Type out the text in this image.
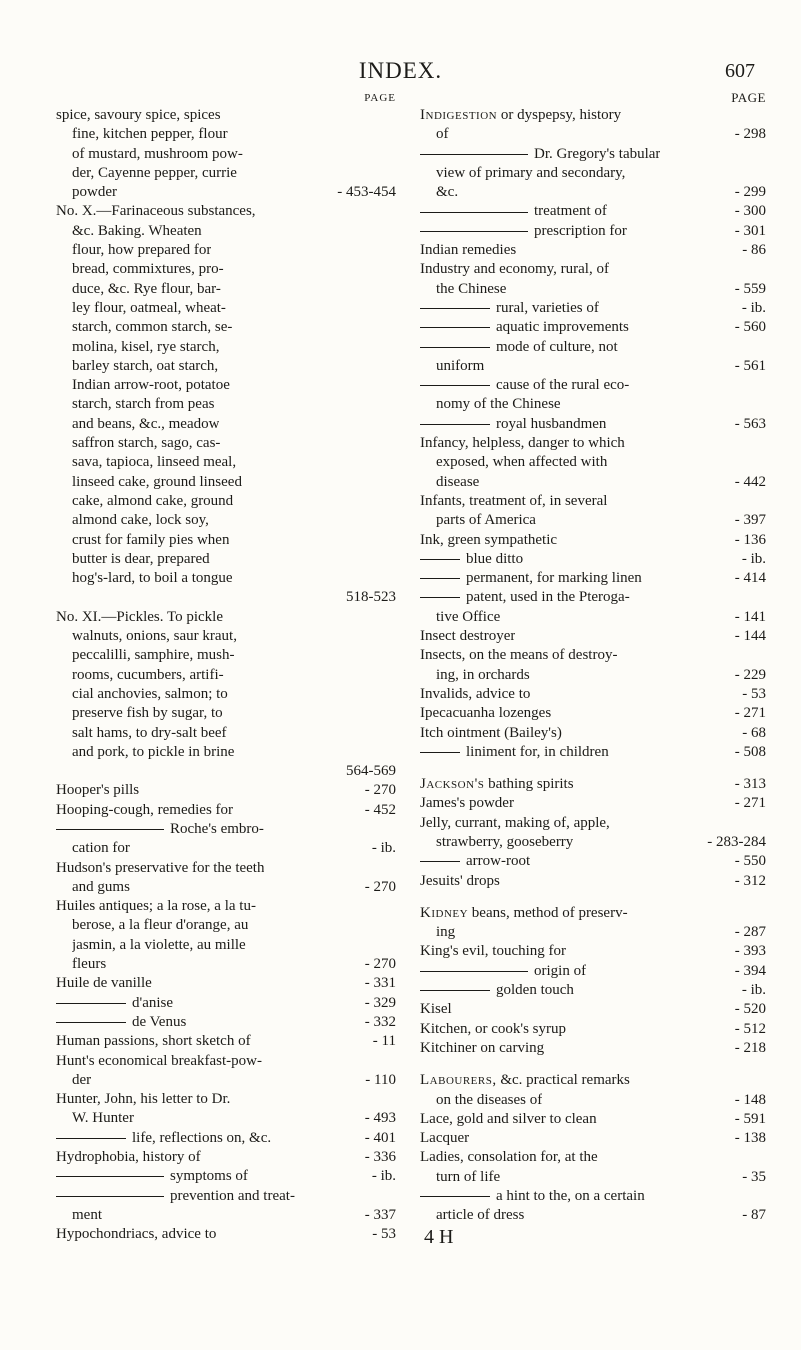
INDEX.	607
PAGE
spice, savoury spice, spices
fine, kitchen pepper, flour
of mustard, mushroom pow-
der, Cayenne pepper, currie
powder	- 453-454
No. X.—Farinaceous substances,
&c. Baking. Wheaten
flour, how prepared for
bread, commixtures, pro-
duce, &c. Rye flour, bar-
ley flour, oatmeal, wheat-
starch, common starch, se-
molina, kisel, rye starch,
barley starch, oat starch,
Indian arrow-root, potatoe
starch, starch from peas
and beans, &c., meadow
saffron starch, sago, cas-
sava, tapioca, linseed meal,
linseed cake, ground linseed
cake, almond cake, ground
almond cake, lock soy,
crust for family pies when
butter is dear, prepared
hog's-lard, to boil a tongue
518-523
No. XI.—Pickles. To pickle
walnuts, onions, saur kraut,
peccalilli, samphire, mush-
rooms, cucumbers, artifi-
cial anchovies, salmon; to
preserve fish by sugar, to
salt hams, to dry-salt beef
and pork, to pickle in brine
564-569
Hooper's pills	- 270
Hooping-cough, remedies for	- 452
Roche's embro-
cation for	- ib.
Hudson's preservative for the teeth
and gums	- 270
Huiles antiques; a la rose, a la tu-
berose, a la fleur d'orange, au
jasmin, a la violette, au mille
fleurs	- 270
Huile de vanille	- 331
d'anise	- 329
de Venus	- 332
Human passions, short sketch of	- 11
Hunt's economical breakfast-pow-
der	- 110
Hunter, John, his letter to Dr.
W. Hunter	- 493
life, reflections on, &c.	- 401
Hydrophobia, history of	- 336
symptoms of	- ib.
prevention and treat-
ment	- 337
Hypochondriacs, advice to	- 53
PAGE
Indigestion or dyspepsy, history
of	- 298
Dr. Gregory's tabular
view of primary and secondary,
&c.	- 299
treatment of	- 300
prescription for	- 301
Indian remedies	- 86
Industry and economy, rural, of
the Chinese	- 559
rural, varieties of	- ib.
aquatic improvements	- 560
mode of culture, not
uniform	- 561
cause of the rural eco-
nomy of the Chinese
royal husbandmen	- 563
Infancy, helpless, danger to which
exposed, when affected with
disease	- 442
Infants, treatment of, in several
parts of America	- 397
Ink, green sympathetic	- 136
blue ditto	- ib.
permanent, for marking linen	- 414
patent, used in the Pteroga-
tive Office	- 141
Insect destroyer	- 144
Insects, on the means of destroy-
ing, in orchards	- 229
Invalids, advice to	- 53
Ipecacuanha lozenges	- 271
Itch ointment (Bailey's)	- 68
liniment for, in children	- 508
Jackson's bathing spirits	- 313
James's powder	- 271
Jelly, currant, making of, apple,
strawberry, gooseberry	- 283-284
arrow-root	- 550
Jesuits' drops	- 312
Kidney beans, method of preserv-
ing	- 287
King's evil, touching for	- 393
origin of	- 394
golden touch	- ib.
Kisel	- 520
Kitchen, or cook's syrup	- 512
Kitchiner on carving	- 218
Labourers, &c. practical remarks
on the diseases of	- 148
Lace, gold and silver to clean	- 591
Lacquer	- 138
Ladies, consolation for, at the
turn of life	- 35
a hint to the, on a certain
article of dress	- 87
4 H
